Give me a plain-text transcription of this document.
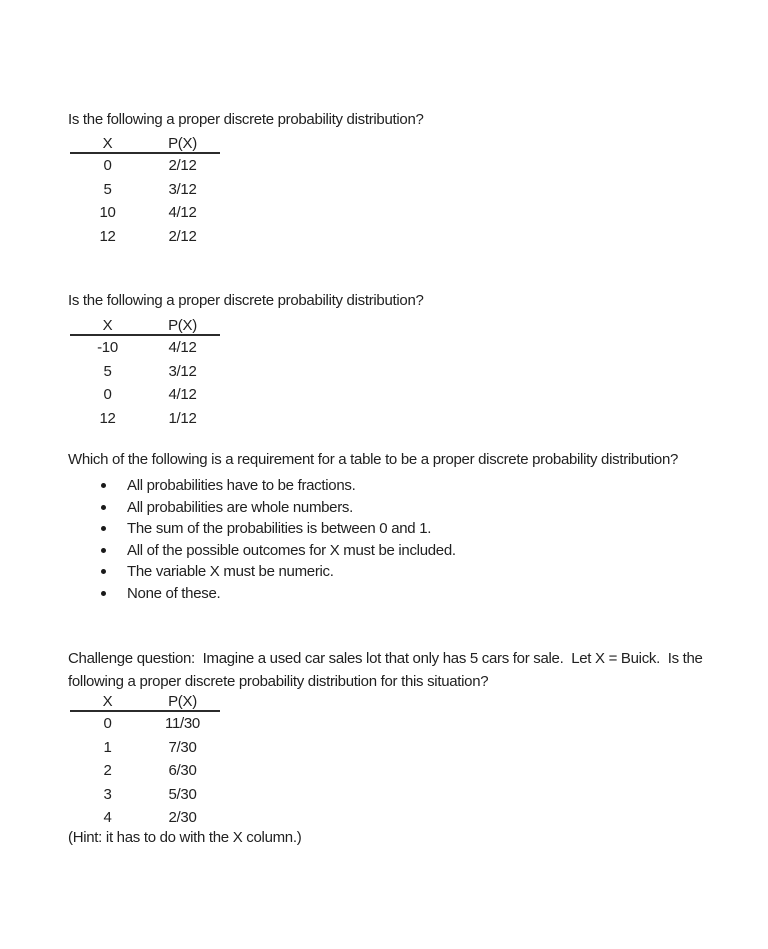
Is the following a proper discrete probability distribution?

X	P(X)
0	2/12
5	3/12
10	4/12
12	2/12

Is the following a proper discrete probability distribution?

X	P(X)
-10	4/12
5	3/12
0	4/12
12	1/12

Which of the following is a requirement for a table to be a proper discrete probability distribution?

All probabilities have to be fractions.
All probabilities are whole numbers.
The sum of the probabilities is between 0 and 1.
All of the possible outcomes for X must be included.
The variable X must be numeric.
None of these.

Challenge question:  Imagine a used car sales lot that only has 5 cars for sale.  Let X = Buick.  Is the

following a proper discrete probability distribution for this situation?

X	P(X)
0	11/30
1	7/30
2	6/30
3	5/30
4	2/30

(Hint: it has to do with the X column.)
